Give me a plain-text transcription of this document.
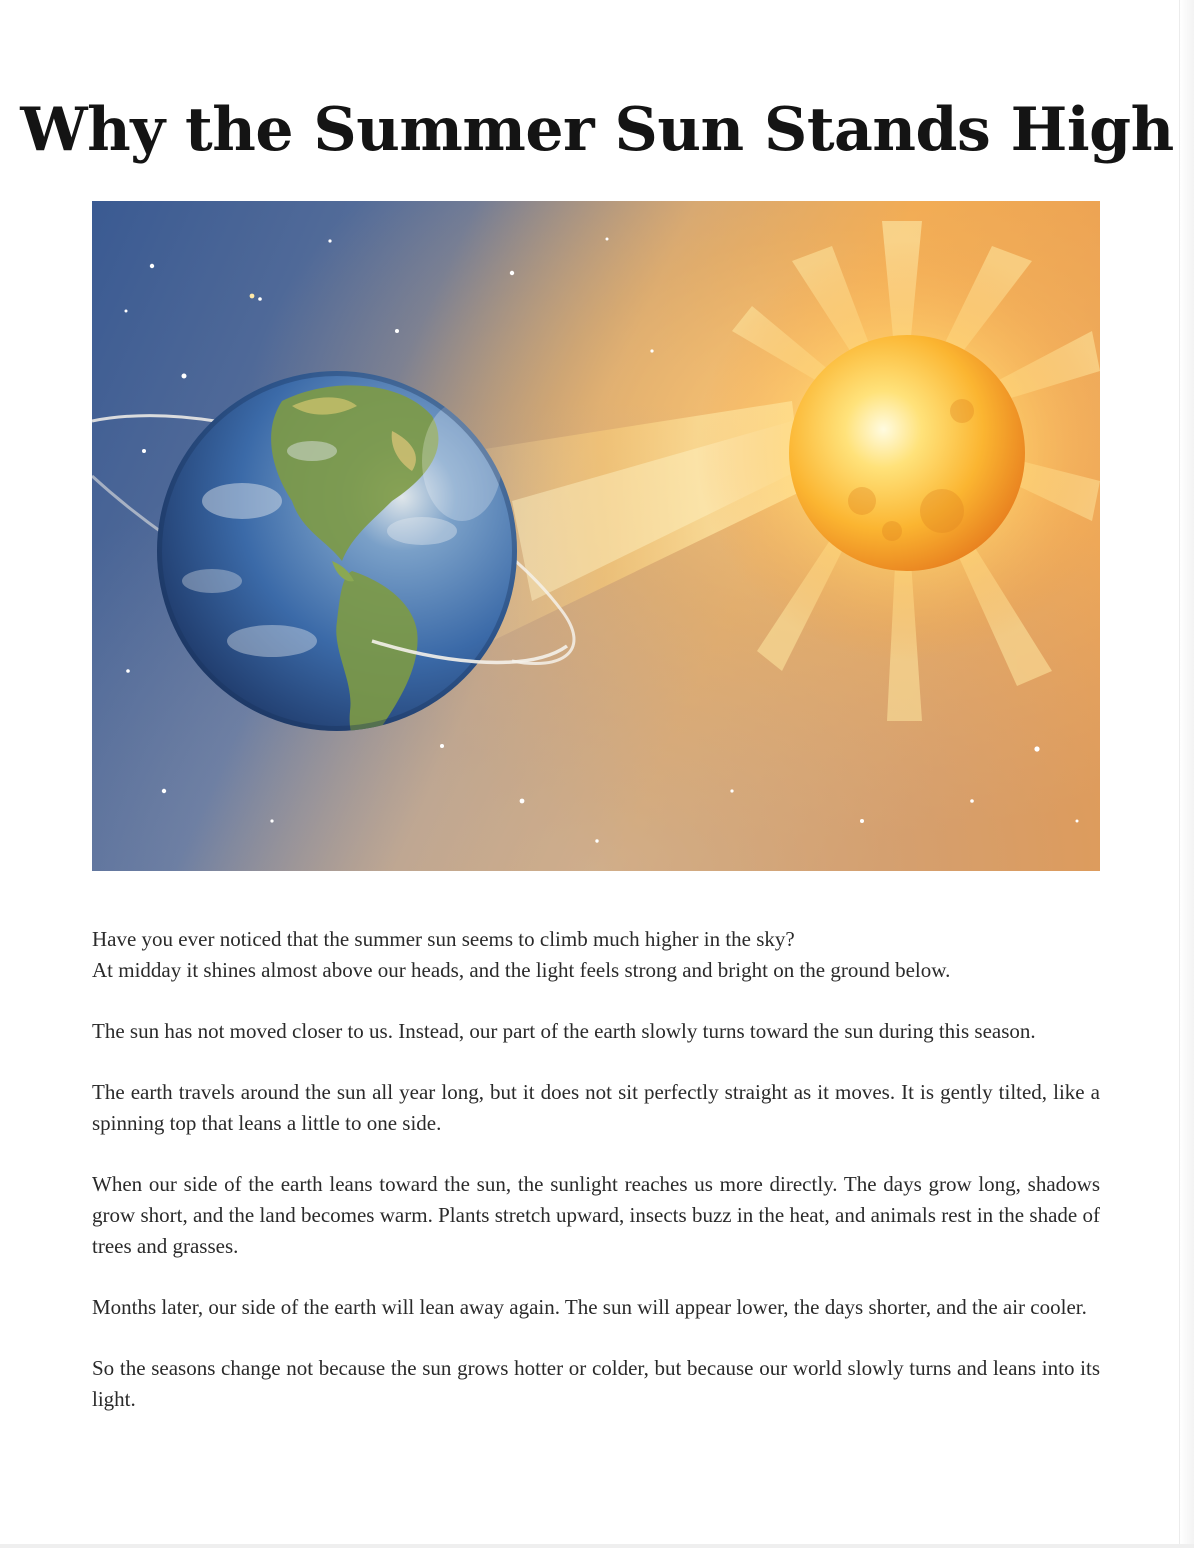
Why the Summer Sun Stands High

Have you ever noticed that the summer sun seems to climb much higher in the sky?
At midday it shines almost above our heads, and the light feels strong and bright on the ground below.

The sun has not moved closer to us. Instead, our part of the earth slowly turns toward the sun during this season.

The earth travels around the sun all year long, but it does not sit perfectly straight as it moves. It is gently tilted, like a spinning top that leans a little to one side.

When our side of the earth leans toward the sun, the sunlight reaches us more directly. The days grow long, shadows grow short, and the land becomes warm. Plants stretch upward, insects buzz in the heat, and animals rest in the shade of trees and grasses.

Months later, our side of the earth will lean away again. The sun will appear lower, the days shorter, and the air cooler.

So the seasons change not because the sun grows hotter or colder, but because our world slowly turns and leans into its light.
